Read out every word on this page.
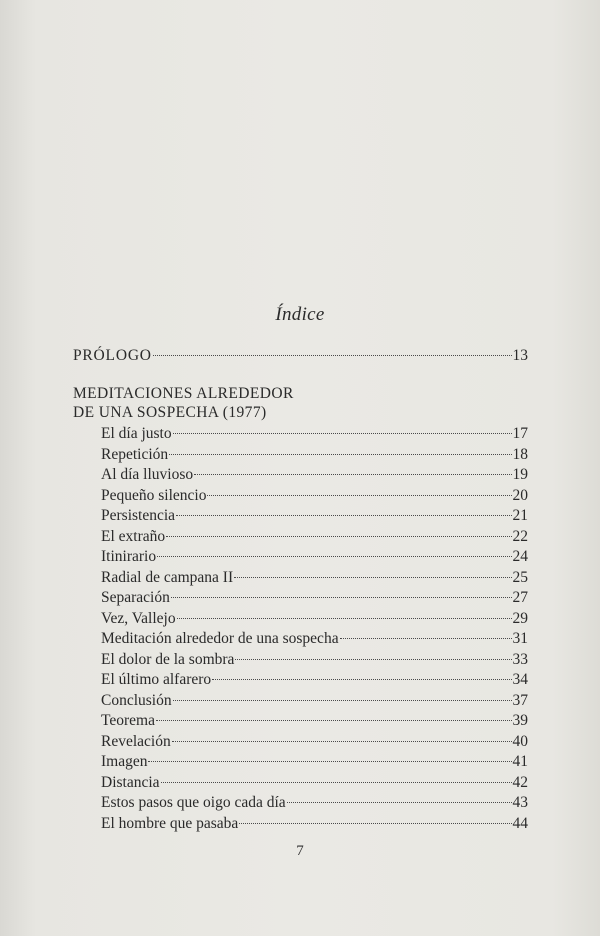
Índice
PRÓLOGO	13
MEDITACIONES ALREDEDOR
DE UNA SOSPECHA (1977)
El día justo	17
Repetición	18
Al día lluvioso	19
Pequeño silencio	20
Persistencia	21
El extraño	22
Itinirario	24
Radial de campana II	25
Separación	27
Vez, Vallejo	29
Meditación alrededor de una sospecha	31
El dolor de la sombra	33
El último alfarero	34
Conclusión	37
Teorema	39
Revelación	40
Imagen	41
Distancia	42
Estos pasos que oigo cada día	43
El hombre que pasaba	44
7
